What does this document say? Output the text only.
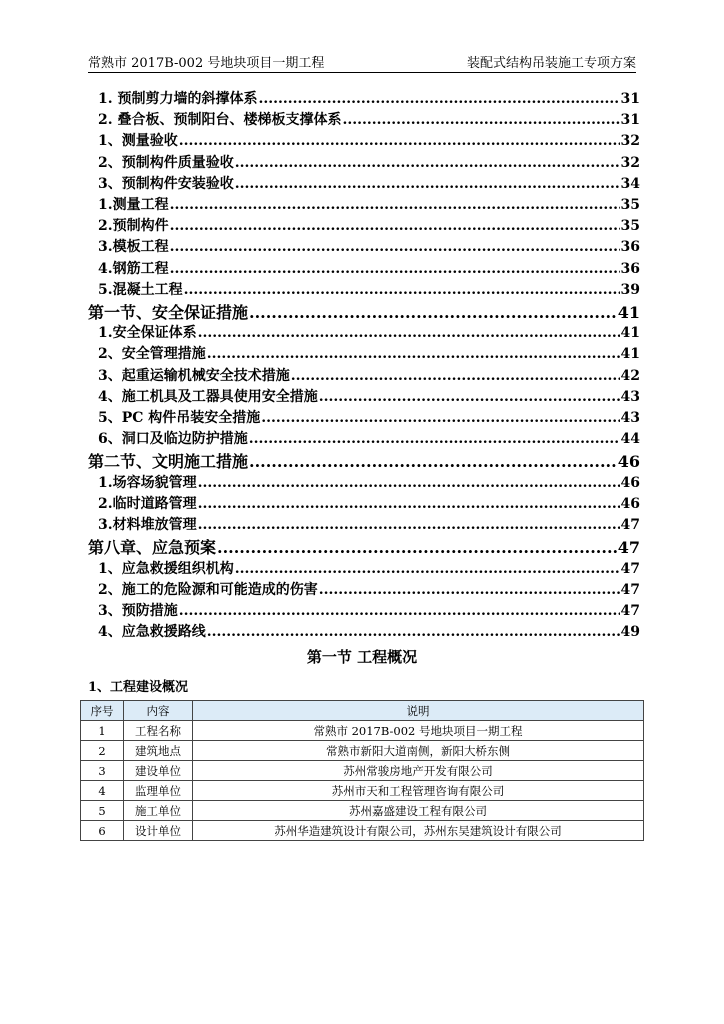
常熟市 2017B-002 号地块项目一期工程	装配式结构吊装施工专项方案
1. 预制剪力墙的斜撑体系 .....	31
2. 叠合板、预制阳台、楼梯板支撑体系 .....	31
1、测量验收 .....	32
2、预制构件质量验收 .....	32
3、预制构件安装验收 .....	34
1.测量工程 .....	35
2.预制构件 .....	35
3.模板工程 .....	36
4.钢筋工程 .....	36
5.混凝土工程 .....	39
第一节、安全保证措施 .....	41
1.安全保证体系 .....	41
2、安全管理措施 .....	41
3、起重运输机械安全技术措施 .....	42
4、施工机具及工器具使用安全措施 .....	43
5、PC 构件吊装安全措施 .....	43
6、洞口及临边防护措施 .....	44
第二节、文明施工措施 .....	46
1.场容场貌管理 .....	46
2.临时道路管理 .....	46
3.材料堆放管理 .....	47
第八章、应急预案 .....	47
1、应急救援组织机构 .....	47
2、施工的危险源和可能造成的伤害 .....	47
3、预防措施 .....	47
4、应急救援路线 .....	49
第一节 工程概况
1、工程建设概况
序号	内容	说明
1	工程名称	常熟市 2017B-002 号地块项目一期工程
2	建筑地点	常熟市新阳大道南侧，新阳大桥东侧
3	建设单位	苏州常骏房地产开发有限公司
4	监理单位	苏州市天和工程管理咨询有限公司
5	施工单位	苏州嘉盛建设工程有限公司
6	设计单位	苏州华造建筑设计有限公司，苏州东吴建筑设计有限公司
